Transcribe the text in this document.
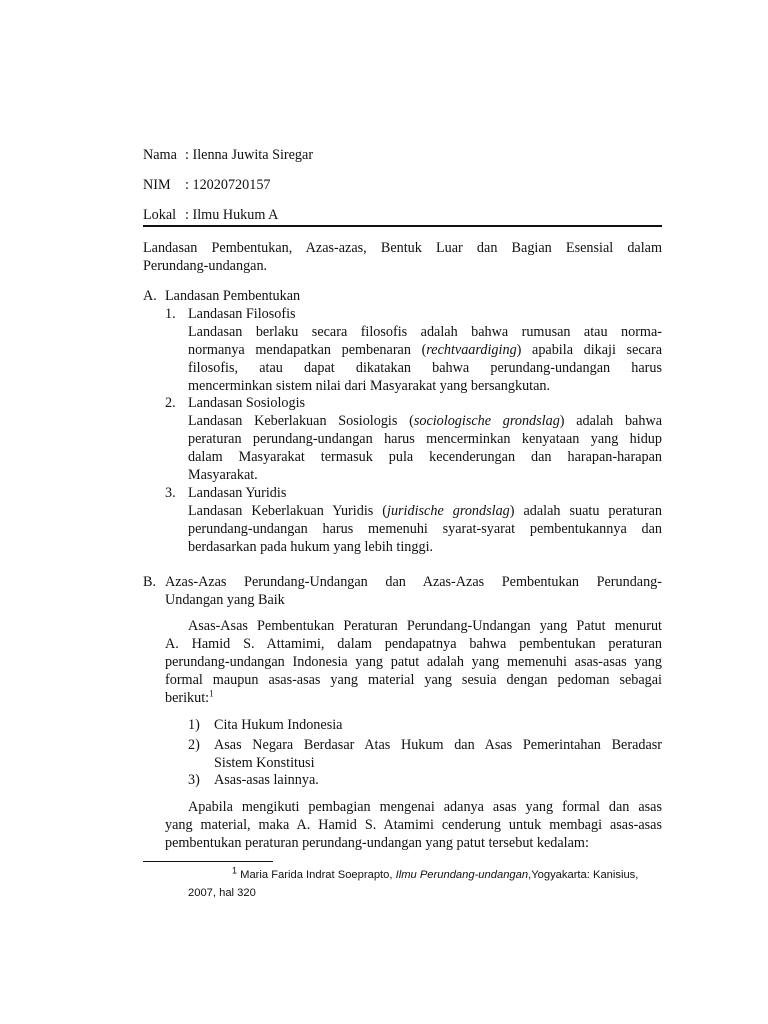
Nama : Ilenna Juwita Siregar
NIM : 12020720157
Lokal : Ilmu Hukum A
Landasan Pembentukan, Azas-azas, Bentuk Luar dan Bagian Esensial dalam
Perundang-undangan.
A. Landasan Pembentukan
1. Landasan Filosofis
Landasan berlaku secara filosofis adalah bahwa rumusan atau norma-
normanya mendapatkan pembenaran (rechtvaardiging) apabila dikaji secara
filosofis, atau dapat dikatakan bahwa perundang-undangan harus
mencerminkan sistem nilai dari Masyarakat yang bersangkutan.
2. Landasan Sosiologis
Landasan Keberlakuan Sosiologis (sociologische grondslag) adalah bahwa
peraturan perundang-undangan harus mencerminkan kenyataan yang hidup
dalam Masyarakat termasuk pula kecenderungan dan harapan-harapan
Masyarakat.
3. Landasan Yuridis
Landasan Keberlakuan Yuridis (juridische grondslag) adalah suatu peraturan
perundang-undangan harus memenuhi syarat-syarat pembentukannya dan
berdasarkan pada hukum yang lebih tinggi.
B. Azas-Azas Perundang-Undangan dan Azas-Azas Pembentukan Perundang-
Undangan yang Baik
Asas-Asas Pembentukan Peraturan Perundang-Undangan yang Patut menurut
A. Hamid S. Attamimi, dalam pendapatnya bahwa pembentukan peraturan
perundang-undangan Indonesia yang patut adalah yang memenuhi asas-asas yang
formal maupun asas-asas yang material yang sesuia dengan pedoman sebagai
berikut:$^1$
1) Cita Hukum Indonesia
2) Asas Negara Berdasar Atas Hukum dan Asas Pemerintahan Beradasr
Sistem Konstitusi
3) Asas-asas lainnya.
Apabila mengikuti pembagian mengenai adanya asas yang formal dan asas
yang material, maka A. Hamid S. Atamimi cenderung untuk membagi asas-asas
pembentukan peraturan perundang-undangan yang patut tersebut kedalam:
$^1$ Maria Farida Indrat Soeprapto, Ilmu Perundang-undangan,Yogyakarta: Kanisius,
2007, hal 320
